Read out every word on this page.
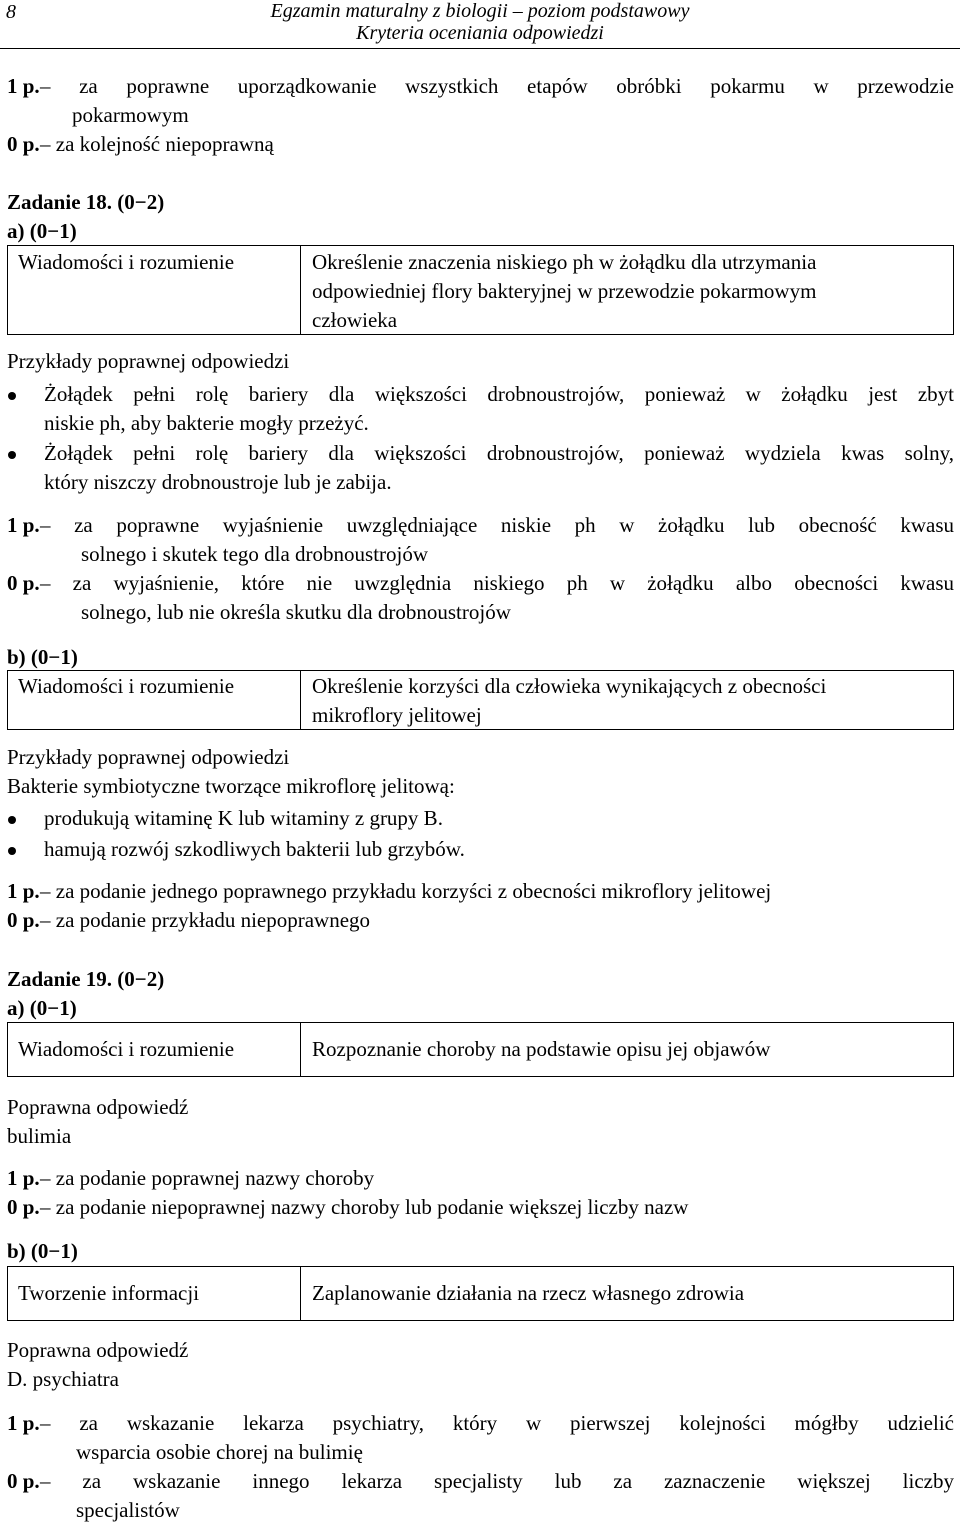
8	Egzamin maturalny z biologii – poziom podstawowy
Kryteria oceniania odpowiedzi
1 p. – za poprawne uporządkowanie wszystkich etapów obróbki pokarmu w przewodzie
pokarmowym
0 p. – za kolejność niepoprawną
Zadanie 18. (0−2)
a) (0−1)
Wiadomości i rozumienie	Określenie znaczenia niskiego ph w żołądku dla utrzymania
odpowiedniej flory bakteryjnej w przewodzie pokarmowym
człowieka
Przykłady poprawnej odpowiedzi
Żołądek pełni rolę bariery dla większości drobnoustrojów, ponieważ w żołądku jest zbyt
niskie ph, aby bakterie mogły przeżyć.
Żołądek pełni rolę bariery dla większości drobnoustrojów, ponieważ wydziela kwas solny,
który niszczy drobnoustroje lub je zabija.
1 p. – za poprawne wyjaśnienie uwzględniające niskie ph w żołądku lub obecność kwasu
solnego i skutek tego dla drobnoustrojów
0 p. – za wyjaśnienie, które nie uwzględnia niskiego ph w żołądku albo obecności kwasu
solnego, lub nie określa skutku dla drobnoustrojów
b) (0−1)
Wiadomości i rozumienie	Określenie korzyści dla człowieka wynikających z obecności
mikroflory jelitowej
Przykłady poprawnej odpowiedzi
Bakterie symbiotyczne tworzące mikroflorę jelitową:
produkują witaminę K lub witaminy z grupy B.
hamują rozwój szkodliwych bakterii lub grzybów.
1 p. – za podanie jednego poprawnego przykładu korzyści z obecności mikroflory jelitowej
0 p. – za podanie przykładu niepoprawnego
Zadanie 19. (0−2)
a) (0−1)
Wiadomości i rozumienie	Rozpoznanie choroby na podstawie opisu jej objawów
Poprawna odpowiedź
bulimia
1 p. – za podanie poprawnej nazwy choroby
0 p. – za podanie niepoprawnej nazwy choroby lub podanie większej liczby nazw
b) (0−1)
Tworzenie informacji	Zaplanowanie działania na rzecz własnego zdrowia
Poprawna odpowiedź
D. psychiatra
1 p. – za wskazanie lekarza psychiatry, który w pierwszej kolejności mógłby udzielić
wsparcia osobie chorej na bulimię
0 p. – za wskazanie innego lekarza specjalisty lub za zaznaczenie większej liczby
specjalistów
